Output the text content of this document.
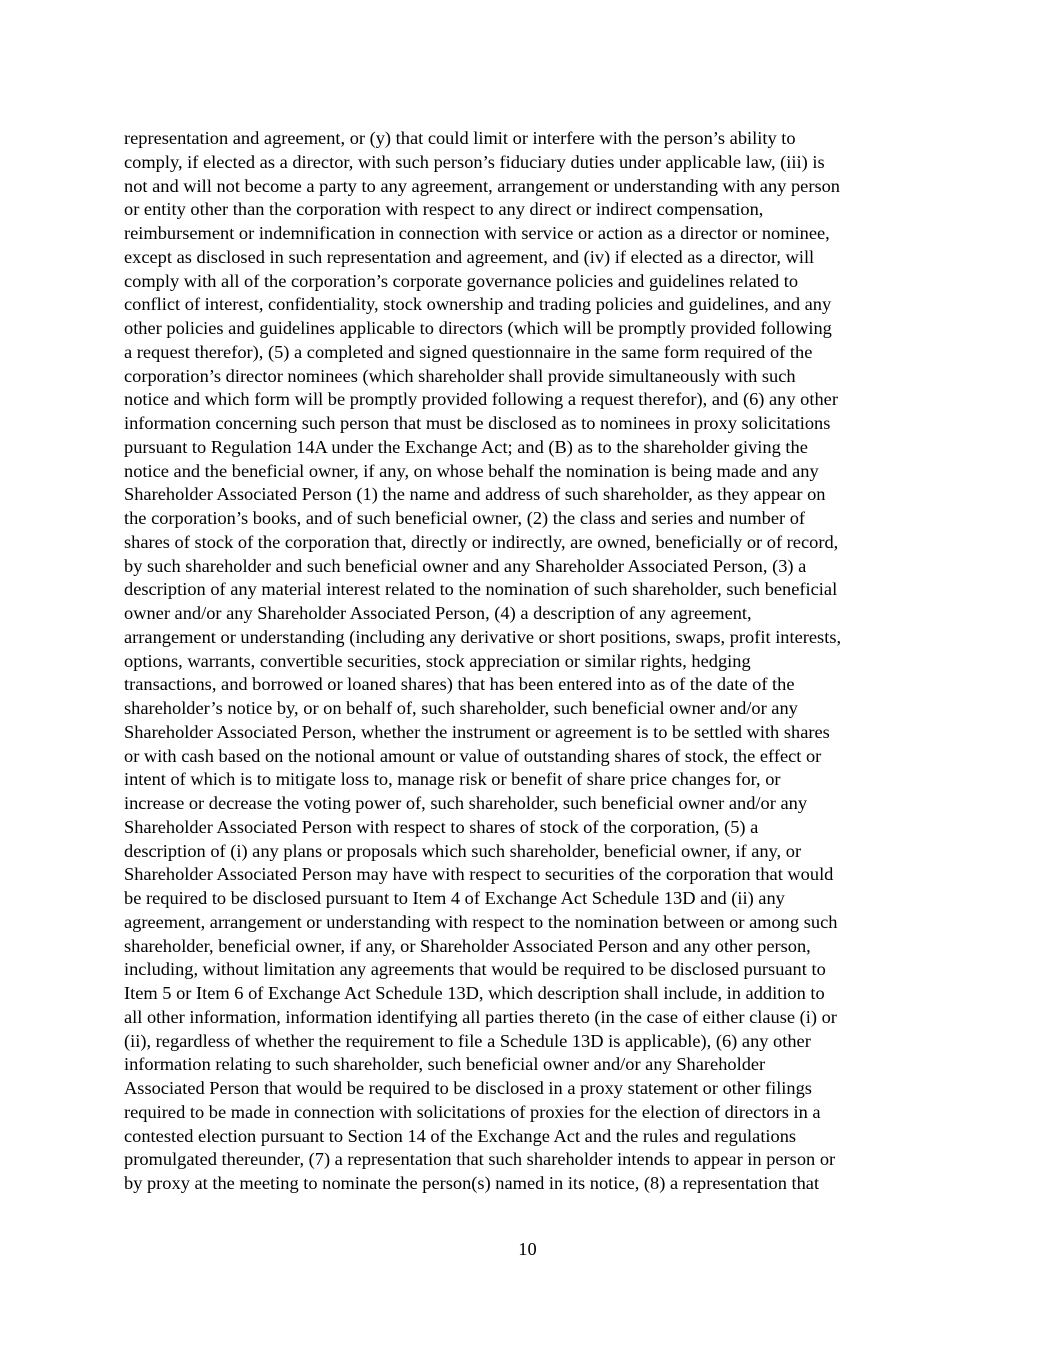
representation and agreement, or (y) that could limit or interfere with the person’s ability to
comply, if elected as a director, with such person’s fiduciary duties under applicable law, (iii) is
not and will not become a party to any agreement, arrangement or understanding with any person
or entity other than the corporation with respect to any direct or indirect compensation,
reimbursement or indemnification in connection with service or action as a director or nominee,
except as disclosed in such representation and agreement, and (iv) if elected as a director, will
comply with all of the corporation’s corporate governance policies and guidelines related to
conflict of interest, confidentiality, stock ownership and trading policies and guidelines, and any
other policies and guidelines applicable to directors (which will be promptly provided following
a request therefor), (5) a completed and signed questionnaire in the same form required of the
corporation’s director nominees (which shareholder shall provide simultaneously with such
notice and which form will be promptly provided following a request therefor), and (6) any other
information concerning such person that must be disclosed as to nominees in proxy solicitations
pursuant to Regulation 14A under the Exchange Act; and (B) as to the shareholder giving the
notice and the beneficial owner, if any, on whose behalf the nomination is being made and any
Shareholder Associated Person (1) the name and address of such shareholder, as they appear on
the corporation’s books, and of such beneficial owner, (2) the class and series and number of
shares of stock of the corporation that, directly or indirectly, are owned, beneficially or of record,
by such shareholder and such beneficial owner and any Shareholder Associated Person, (3) a
description of any material interest related to the nomination of such shareholder, such beneficial
owner and/or any Shareholder Associated Person, (4) a description of any agreement,
arrangement or understanding (including any derivative or short positions, swaps, profit interests,
options, warrants, convertible securities, stock appreciation or similar rights, hedging
transactions, and borrowed or loaned shares) that has been entered into as of the date of the
shareholder’s notice by, or on behalf of, such shareholder, such beneficial owner and/or any
Shareholder Associated Person, whether the instrument or agreement is to be settled with shares
or with cash based on the notional amount or value of outstanding shares of stock, the effect or
intent of which is to mitigate loss to, manage risk or benefit of share price changes for, or
increase or decrease the voting power of, such shareholder, such beneficial owner and/or any
Shareholder Associated Person with respect to shares of stock of the corporation, (5) a
description of (i) any plans or proposals which such shareholder, beneficial owner, if any, or
Shareholder Associated Person may have with respect to securities of the corporation that would
be required to be disclosed pursuant to Item 4 of Exchange Act Schedule 13D and (ii) any
agreement, arrangement or understanding with respect to the nomination between or among such
shareholder, beneficial owner, if any, or Shareholder Associated Person and any other person,
including, without limitation any agreements that would be required to be disclosed pursuant to
Item 5 or Item 6 of Exchange Act Schedule 13D, which description shall include, in addition to
all other information, information identifying all parties thereto (in the case of either clause (i) or
(ii), regardless of whether the requirement to file a Schedule 13D is applicable), (6) any other
information relating to such shareholder, such beneficial owner and/or any Shareholder
Associated Person that would be required to be disclosed in a proxy statement or other filings
required to be made in connection with solicitations of proxies for the election of directors in a
contested election pursuant to Section 14 of the Exchange Act and the rules and regulations
promulgated thereunder, (7) a representation that such shareholder intends to appear in person or
by proxy at the meeting to nominate the person(s) named in its notice, (8) a representation that
10
